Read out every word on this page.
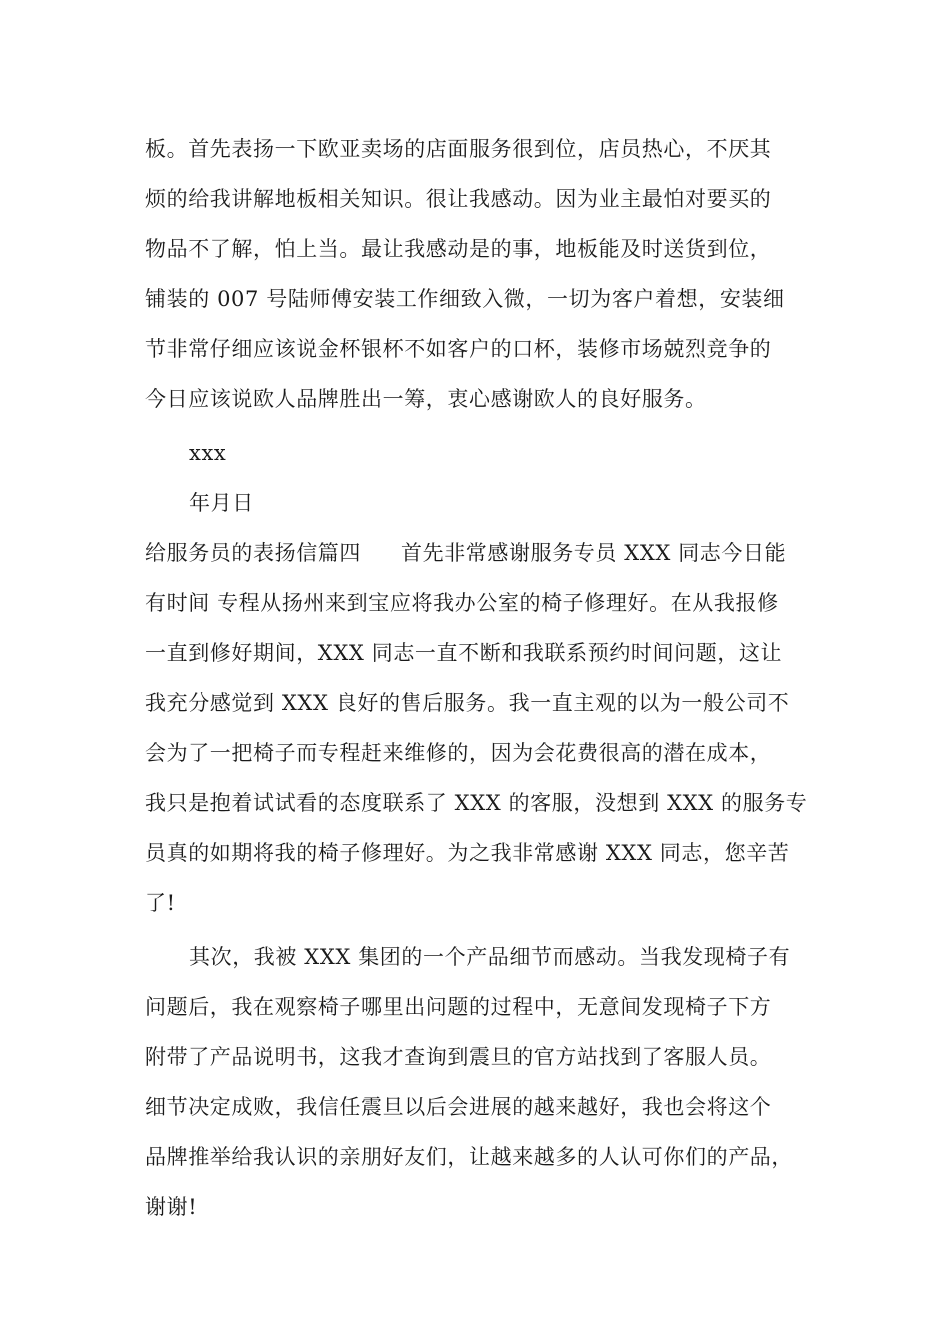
板。首先表扬一下欧亚卖场的店面服务很到位，店员热心，不厌其
烦的给我讲解地板相关知识。很让我感动。因为业主最怕对要买的
物品不了解，怕上当。最让我感动是的事，地板能及时送货到位，
铺装的 007 号陆师傅安装工作细致入微，一切为客户着想，安装细
节非常仔细应该说金杯银杯不如客户的口杯，装修市场兢烈竞争的
今日应该说欧人品牌胜出一筹，衷心感谢欧人的良好服务。
xxx
年月日
给服务员的表扬信篇四 首先非常感谢服务专员 XXX 同志今日能
有时间 专程从扬州来到宝应将我办公室的椅子修理好。在从我报修
一直到修好期间，XXX 同志一直不断和我联系预约时间问题，这让
我充分感觉到 XXX 良好的售后服务。我一直主观的以为一般公司不
会为了一把椅子而专程赶来维修的，因为会花费很高的潜在成本，
我只是抱着试试看的态度联系了 XXX 的客服，没想到 XXX 的服务专
员真的如期将我的椅子修理好。为之我非常感谢 XXX 同志，您辛苦
了!
其次，我被 XXX 集团的一个产品细节而感动。当我发现椅子有
问题后，我在观察椅子哪里出问题的过程中，无意间发现椅子下方
附带了产品说明书，这我才查询到震旦的官方站找到了客服人员。
细节决定成败，我信任震旦以后会进展的越来越好，我也会将这个
品牌推举给我认识的亲朋好友们，让越来越多的人认可你们的产品，
谢谢!
